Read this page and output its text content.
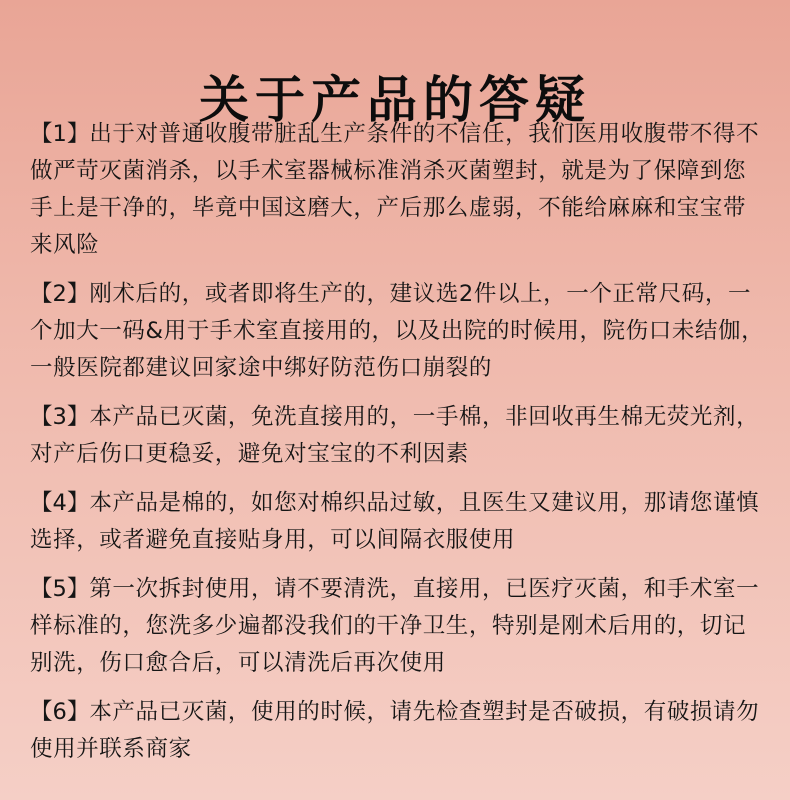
关于产品的答疑
【1】出于对普通收腹带脏乱生产条件的不信任，我们医用收腹带不得不做严苛灭菌消杀，以手术室器械标准消杀灭菌塑封，就是为了保障到您手上是干净的，毕竟中国这磨大，产后那么虚弱，不能给麻麻和宝宝带来风险
【2】刚术后的，或者即将生产的，建议选2件以上，一个正常尺码，一个加大一码&用于手术室直接用的，以及出院的时候用，院伤口未结伽，一般医院都建议回家途中绑好防范伤口崩裂的
【3】本产品已灭菌，免洗直接用的，一手棉，非回收再生棉无荧光剂，对产后伤口更稳妥，避免对宝宝的不利因素
【4】本产品是棉的，如您对棉织品过敏，且医生又建议用，那请您谨慎选择，或者避免直接贴身用，可以间隔衣服使用
【5】第一次拆封使用，请不要清洗，直接用，已医疗灭菌，和手术室一样标准的，您洗多少遍都没我们的干净卫生，特别是刚术后用的，切记别洗，伤口愈合后，可以清洗后再次使用
【6】本产品已灭菌，使用的时候，请先检查塑封是否破损，有破损请勿使用并联系商家
